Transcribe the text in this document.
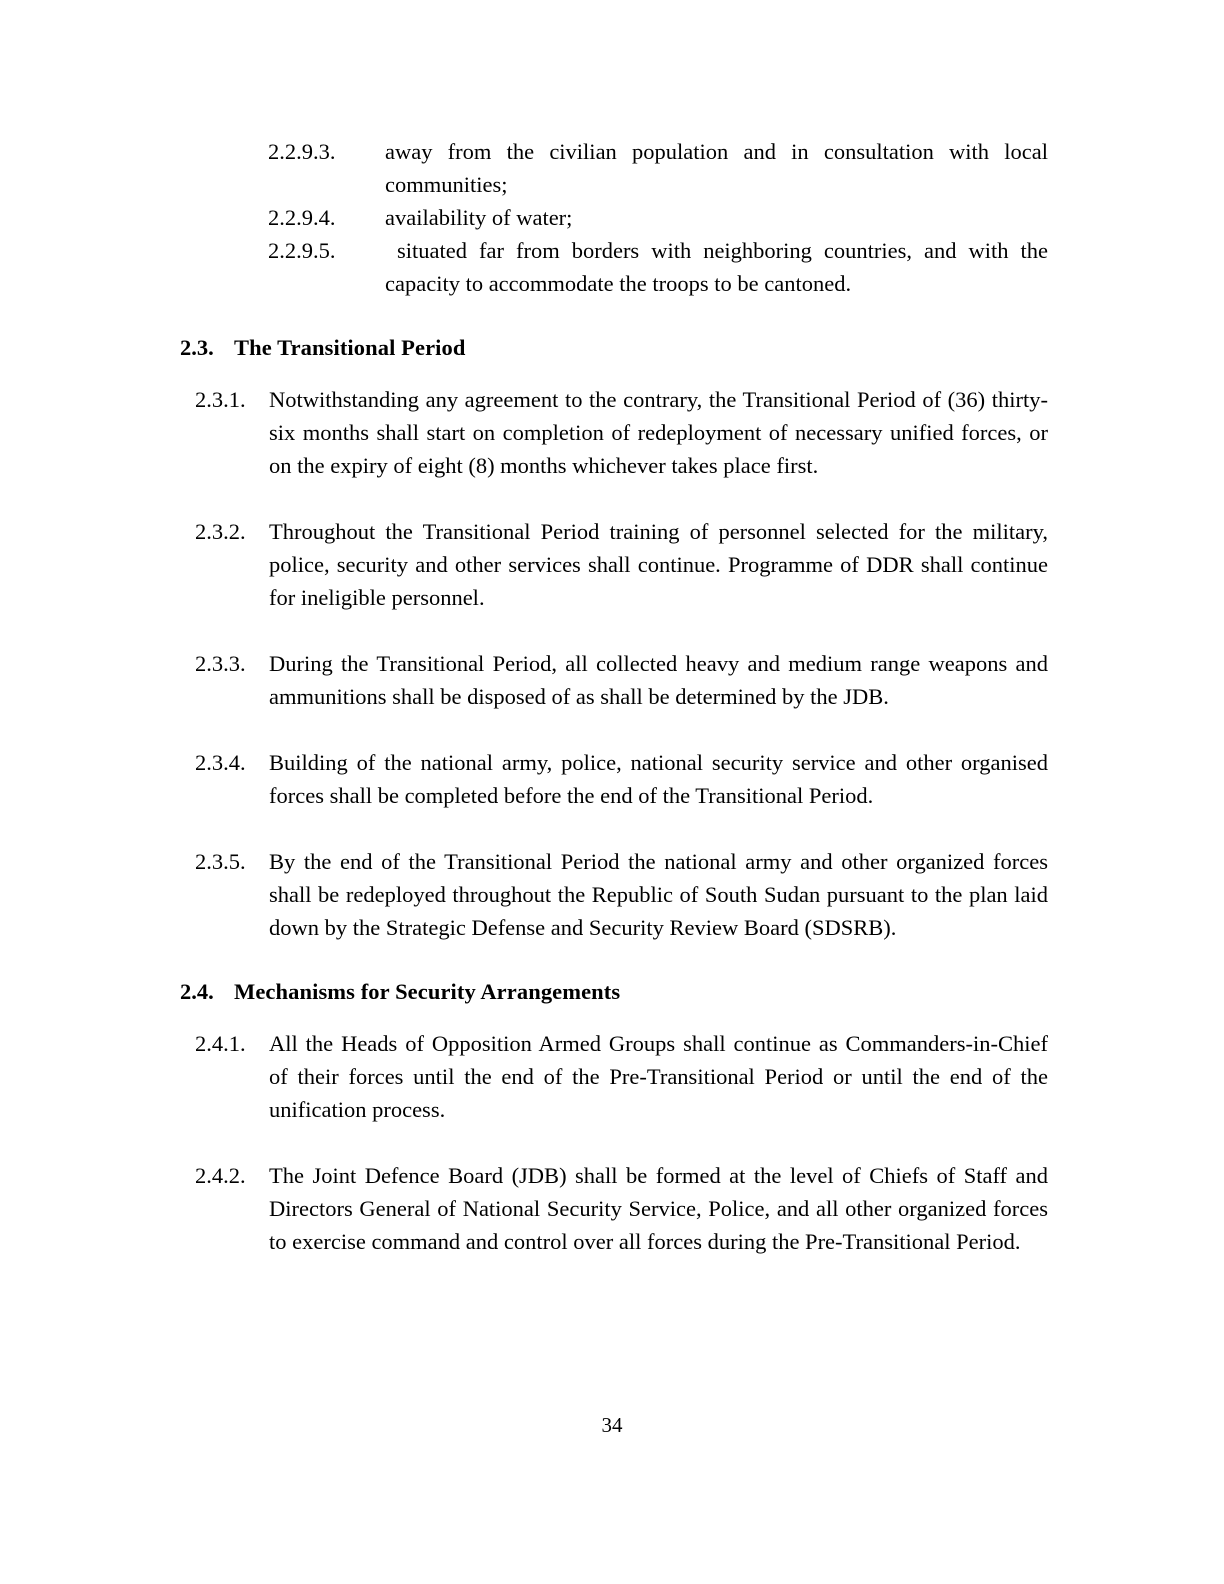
2.2.9.3.	away from the civilian population and in consultation with local communities;
2.2.9.4.	availability of water;
2.2.9.5.	situated far from borders with neighboring countries, and with the capacity to accommodate the troops to be cantoned.
2.3. The Transitional Period
2.3.1.	Notwithstanding any agreement to the contrary, the Transitional Period of (36) thirty-six months shall start on completion of redeployment of necessary unified forces, or on the expiry of eight (8) months whichever takes place first.
2.3.2.	Throughout the Transitional Period training of personnel selected for the military, police, security and other services shall continue. Programme of DDR shall continue for ineligible personnel.
2.3.3.	During the Transitional Period, all collected heavy and medium range weapons and ammunitions shall be disposed of as shall be determined by the JDB.
2.3.4.	Building of the national army, police, national security service and other organised forces shall be completed before the end of the Transitional Period.
2.3.5.	By the end of the Transitional Period the national army and other organized forces shall be redeployed throughout the Republic of South Sudan pursuant to the plan laid down by the Strategic Defense and Security Review Board (SDSRB).
2.4. Mechanisms for Security Arrangements
2.4.1.	All the Heads of Opposition Armed Groups shall continue as Commanders-in-Chief of their forces until the end of the Pre-Transitional Period or until the end of the unification process.
2.4.2.	The Joint Defence Board (JDB) shall be formed at the level of Chiefs of Staff and Directors General of National Security Service, Police, and all other organized forces to exercise command and control over all forces during the Pre-Transitional Period.
34
